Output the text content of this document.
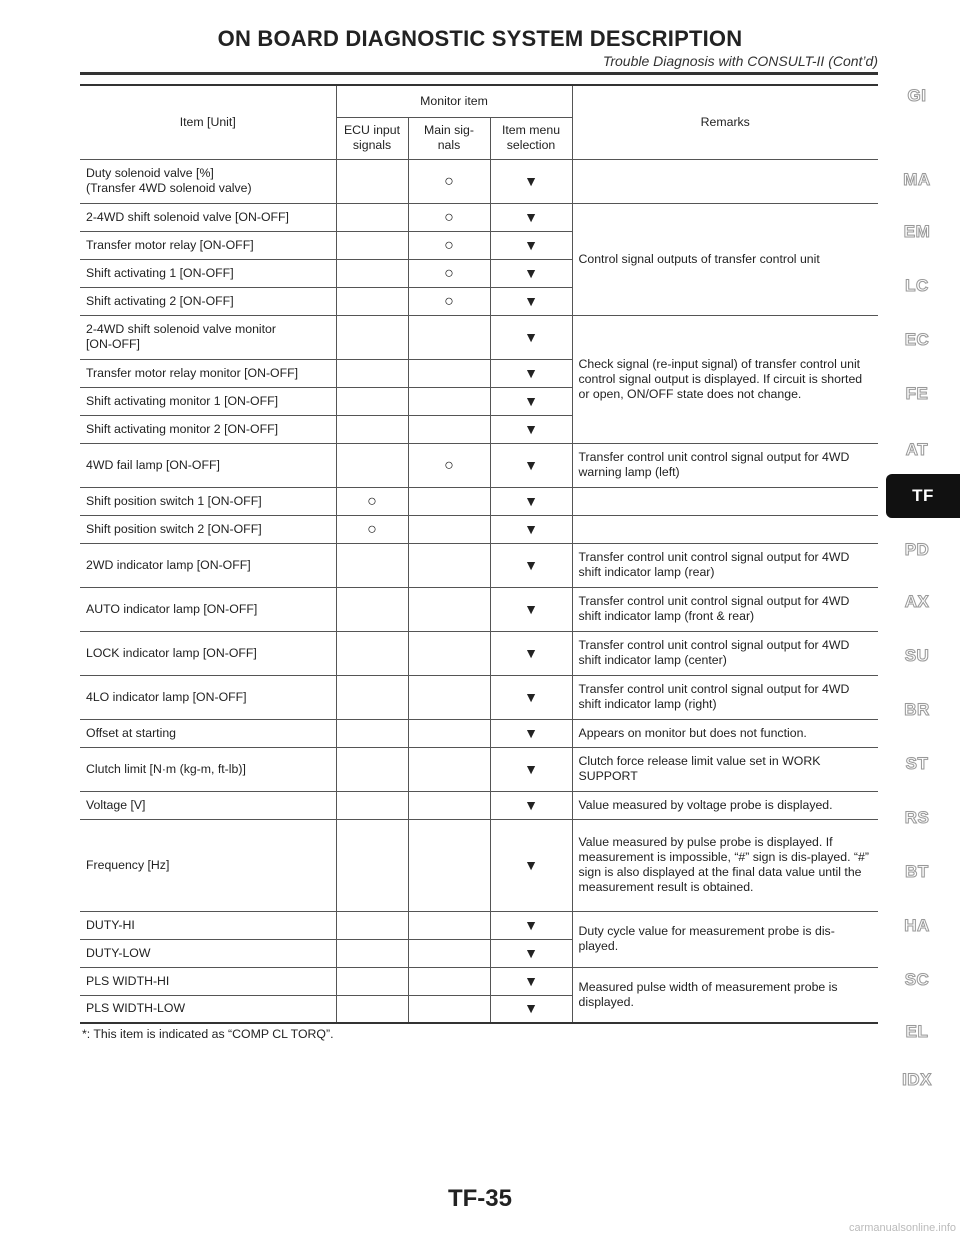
ON BOARD DIAGNOSTIC SYSTEM DESCRIPTION
Trouble Diagnosis with CONSULT-II (Cont’d)
Item [Unit]	Monitor item			Remarks
	ECU input signals	Main sig-nals	Item menu selection	
Duty solenoid valve [%]
(Transfer 4WD solenoid valve)		○	▼	
2-4WD shift solenoid valve [ON-OFF]		○	▼	Control signal outputs of transfer control unit
Transfer motor relay [ON-OFF]		○	▼	
Shift activating 1 [ON-OFF]		○	▼	
Shift activating 2 [ON-OFF]		○	▼	
2-4WD shift solenoid valve monitor
[ON-OFF]			▼	Check signal (re-input signal) of transfer control unit control signal output is displayed. If circuit is shorted or open, ON/OFF state does not change.
Transfer motor relay monitor [ON-OFF]			▼	
Shift activating monitor 1 [ON-OFF]			▼	
Shift activating monitor 2 [ON-OFF]			▼	
4WD fail lamp [ON-OFF]		○	▼	Transfer control unit control signal output for 4WD warning lamp (left)
Shift position switch 1 [ON-OFF]	○		▼	
Shift position switch 2 [ON-OFF]	○		▼	
2WD indicator lamp [ON-OFF]			▼	Transfer control unit control signal output for 4WD shift indicator lamp (rear)
AUTO indicator lamp [ON-OFF]			▼	Transfer control unit control signal output for 4WD shift indicator lamp (front & rear)
LOCK indicator lamp [ON-OFF]			▼	Transfer control unit control signal output for 4WD shift indicator lamp (center)
4LO indicator lamp [ON-OFF]			▼	Transfer control unit control signal output for 4WD shift indicator lamp (right)
Offset at starting			▼	Appears on monitor but does not function.
Clutch limit [N·m (kg-m, ft-lb)]			▼	Clutch force release limit value set in WORK SUPPORT
Voltage [V]			▼	Value measured by voltage probe is displayed.
Frequency [Hz]			▼	Value measured by pulse probe is displayed. If measurement is impossible, “#” sign is dis-played. “#” sign is also displayed at the final data value until the measurement result is obtained.
DUTY-HI			▼	Duty cycle value for measurement probe is dis-played.
DUTY-LOW			▼	
PLS WIDTH-HI			▼	Measured pulse width of measurement probe is displayed.
PLS WIDTH-LOW			▼	
*: This item is indicated as “COMP CL TORQ”.
GI
MA
EM
LC
EC
FE
AT
TF
PD
AX
SU
BR
ST
RS
BT
HA
SC
EL
IDX
TF-35
carmanualsonline.info
